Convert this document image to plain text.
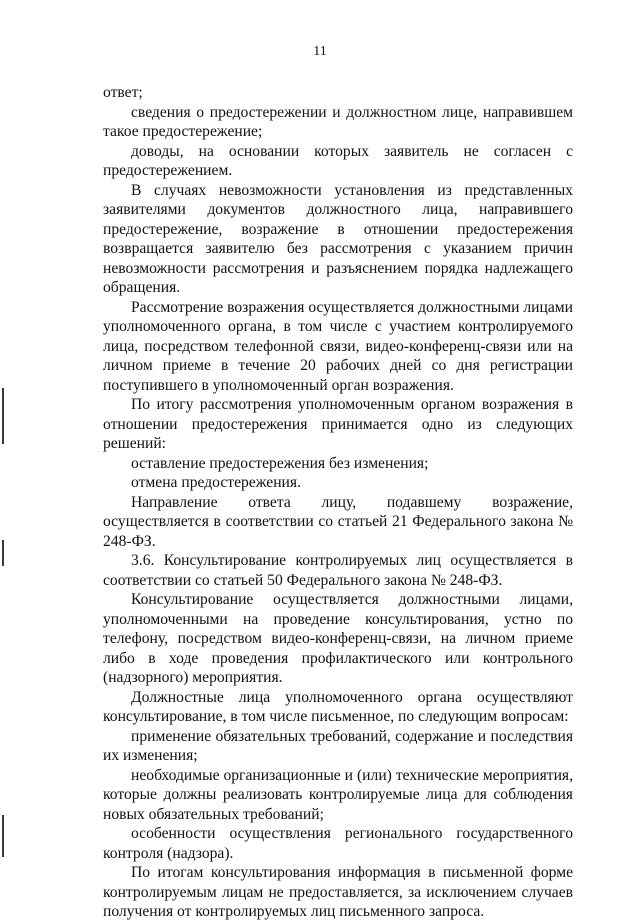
11

ответ;

сведения о предостережении и должностном лице, направившем такое предостережение;

доводы, на основании которых заявитель не согласен с предостережением.

В случаях невозможности установления из представленных заявителями документов должностного лица, направившего предостережение, возражение в отношении предостережения возвращается заявителю без рассмотрения с указанием причин невозможности рассмотрения и разъяснением порядка надлежащего обращения.

Рассмотрение возражения осуществляется должностными лицами уполномоченного органа, в том числе с участием контролируемого лица, посредством телефонной связи, видео-конференц-связи или на личном приеме в течение 20 рабочих дней со дня регистрации поступившего в уполномоченный орган возражения.

По итогу рассмотрения уполномоченным органом возражения в отношении предостережения принимается одно из следующих решений:

оставление предостережения без изменения;

отмена предостережения.

Направление ответа лицу, подавшему возражение, осуществляется в соответствии со статьей 21 Федерального закона № 248-ФЗ.

3.6. Консультирование контролируемых лиц осуществляется в соответствии со статьей 50 Федерального закона № 248-ФЗ.

Консультирование осуществляется должностными лицами, уполномоченными на проведение консультирования, устно по телефону, посредством видео-конференц-связи, на личном приеме либо в ходе проведения профилактического или контрольного (надзорного) мероприятия.

Должностные лица уполномоченного органа осуществляют консультирование, в том числе письменное, по следующим вопросам:

применение обязательных требований, содержание и последствия их изменения;

необходимые организационные и (или) технические мероприятия, которые должны реализовать контролируемые лица для соблюдения новых обязательных требований;

особенности осуществления регионального государственного контроля (надзора).

По итогам консультирования информация в письменной форме контролируемым лицам не предоставляется, за исключением случаев получения от контролируемых лиц письменного запроса.
